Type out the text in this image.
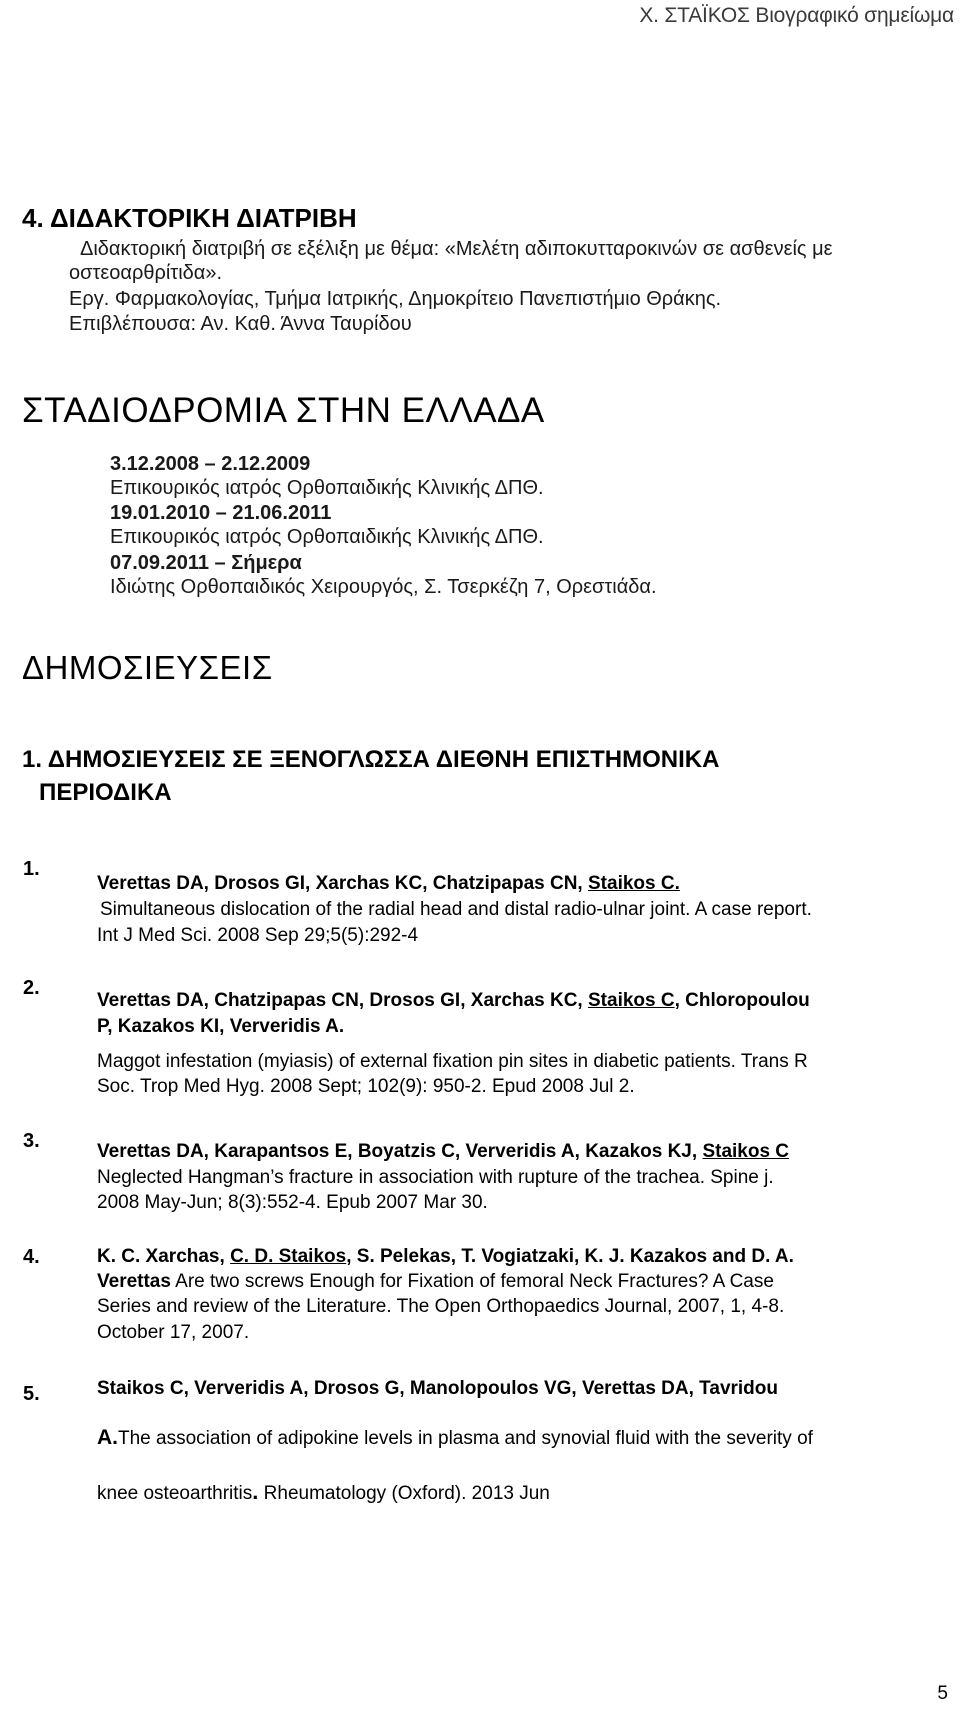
Χ. ΣΤΑΪΚΟΣ Βιογραφικό σημείωμα
4. ΔΙΔΑΚΤΟΡΙΚΗ ΔΙΑΤΡΙΒΗ
Διδακτορική διατριβή σε εξέλιξη με θέμα: «Μελέτη αδιποκυτταροκινών σε ασθενείς με
οστεοαρθρίτιδα».
Εργ. Φαρμακολογίας, Τμήμα Ιατρικής, Δημοκρίτειο Πανεπιστήμιο Θράκης.
Επιβλέπουσα: Αν. Καθ. Άννα Ταυρίδου
ΣΤΑΔΙΟΔΡΟΜΙΑ ΣΤΗΝ ΕΛΛΑΔΑ
3.12.2008 – 2.12.2009
Επικουρικός ιατρός Ορθοπαιδικής Κλινικής ΔΠΘ.
19.01.2010 – 21.06.2011
Επικουρικός ιατρός Ορθοπαιδικής Κλινικής ΔΠΘ.
07.09.2011 – Σήμερα
Ιδιώτης Ορθοπαιδικός Χειρουργός, Σ. Τσερκέζη 7, Ορεστιάδα.
ΔΗΜΟΣΙΕΥΣΕΙΣ
1. ΔΗΜΟΣΙΕΥΣΕΙΣ ΣΕ ΞΕΝΟΓΛΩΣΣΑ ΔΙΕΘΝΗ ΕΠΙΣΤΗΜΟΝΙΚΑ
ΠΕΡΙΟΔΙΚΑ
1.
Verettas DA, Drosos GI, Xarchas KC, Chatzipapas CN, Staikos C.
Simultaneous dislocation of the radial head and distal radio-ulnar joint. A case report.
Int J Med Sci. 2008 Sep 29;5(5):292-4
2.
Verettas DA, Chatzipapas CN, Drosos GI, Xarchas KC, Staikos C, Chloropoulou
P, Kazakos KI, Ververidis A.
Maggot infestation (myiasis) of external fixation pin sites in diabetic patients. Trans R
Soc. Trop Med Hyg. 2008 Sept; 102(9): 950-2. Epud 2008 Jul 2.
3.	Verettas DA, Karapantsos E, Boyatzis C, Ververidis A, Kazakos KJ, Staikos C
Neglected Hangman’s fracture in association with rupture of the trachea. Spine j.
2008 May-Jun; 8(3):552-4. Epub 2007 Mar 30.
4.	K. C. Xarchas, C. D. Staikos, S. Pelekas, T. Vogiatzaki, K. J. Kazakos and D. A.
Verettas Are two screws Enough for Fixation of femoral Neck Fractures? A Case
Series and review of the Literature. The Open Orthopaedics Journal, 2007, 1, 4-8.
October 17, 2007.
5.	Staikos C, Ververidis A, Drosos G, Manolopoulos VG, Verettas DA, Tavridou
A.The association of adipokine levels in plasma and synovial fluid with the severity of
knee osteoarthritis. Rheumatology (Oxford). 2013 Jun
5
